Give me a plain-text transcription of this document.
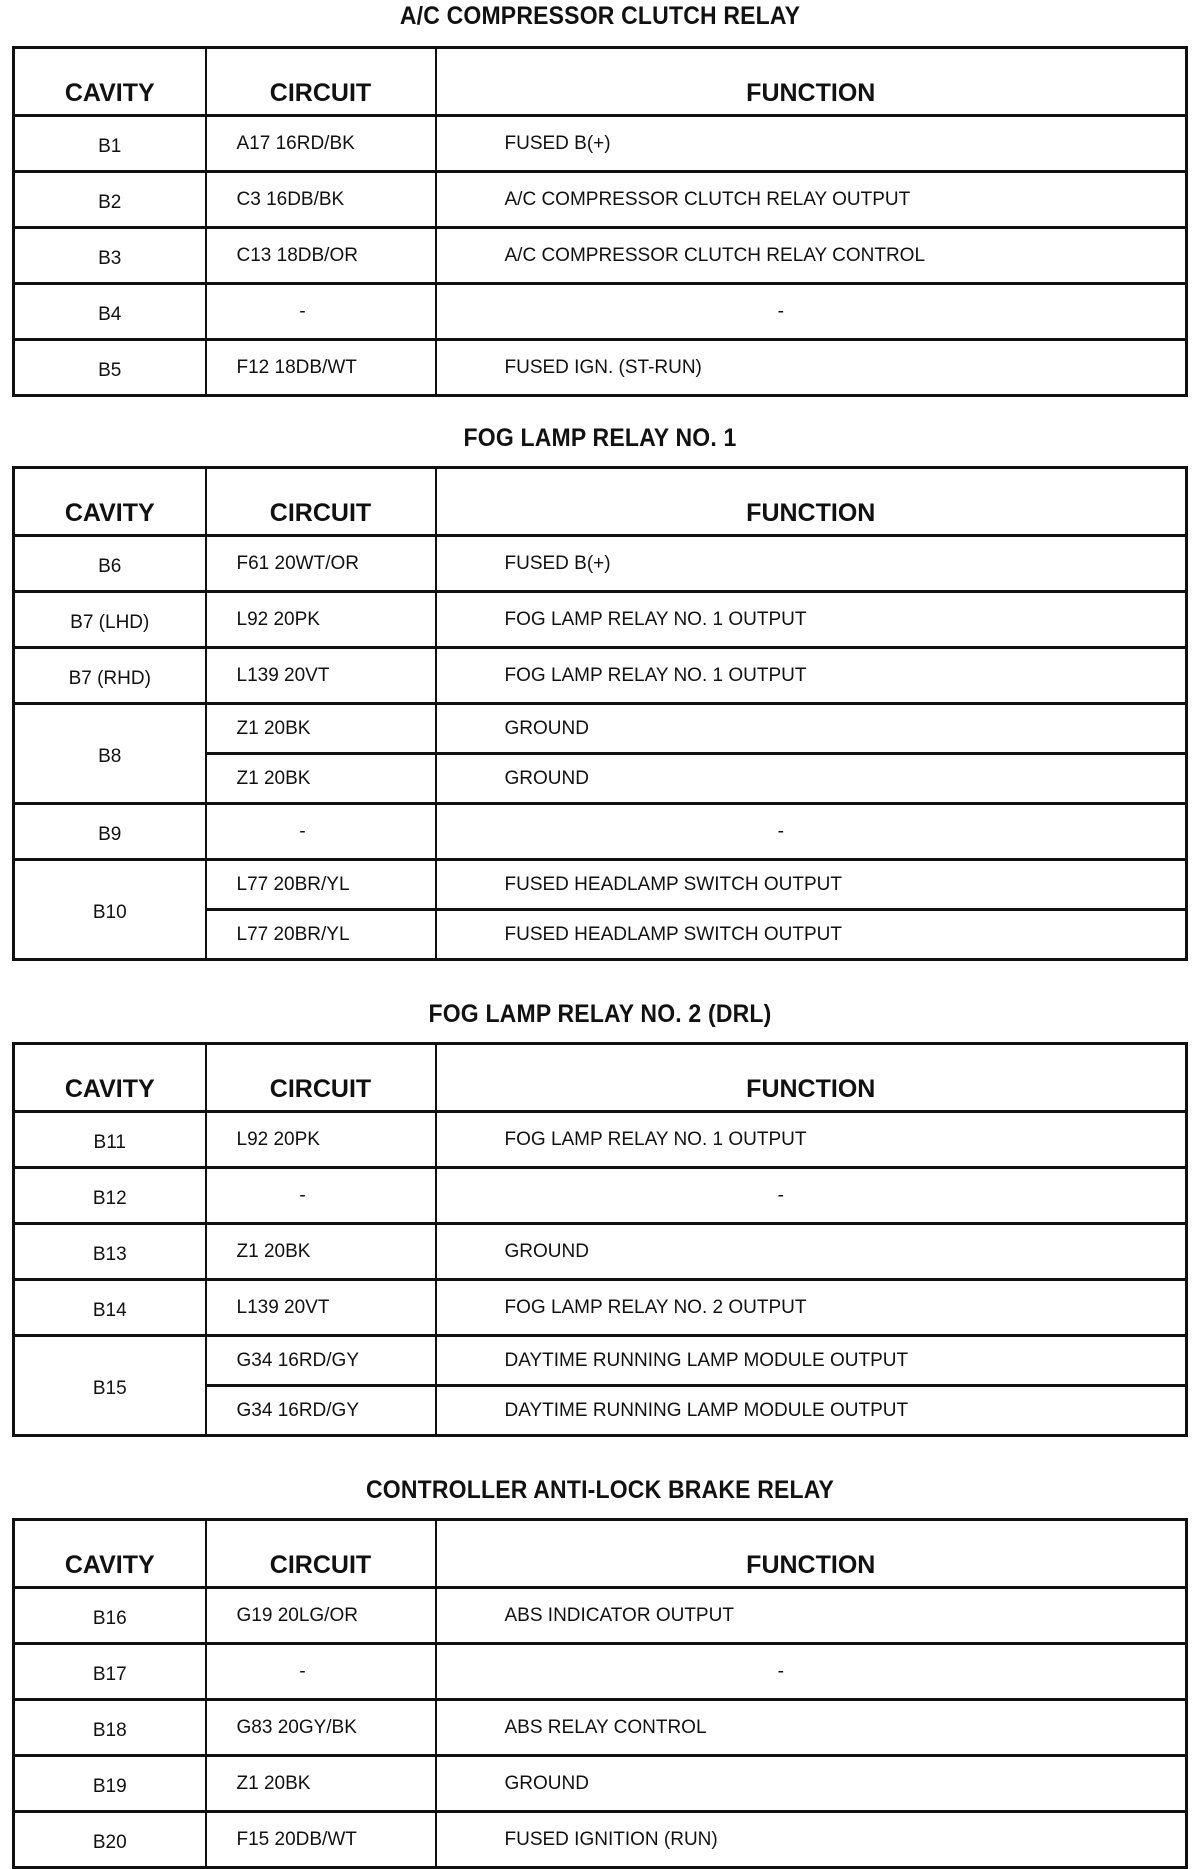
A/C COMPRESSOR CLUTCH RELAY
CAVITY	CIRCUIT	FUNCTION
B1	A17 16RD/BK	FUSED B(+)
B2	C3 16DB/BK	A/C COMPRESSOR CLUTCH RELAY OUTPUT
B3	C13 18DB/OR	A/C COMPRESSOR CLUTCH RELAY CONTROL
B4	-	-
B5	F12 18DB/WT	FUSED IGN. (ST-RUN)
FOG LAMP RELAY NO. 1
CAVITY	CIRCUIT	FUNCTION
B6	F61 20WT/OR	FUSED B(+)
B7 (LHD)	L92 20PK	FOG LAMP RELAY NO. 1 OUTPUT
B7 (RHD)	L139 20VT	FOG LAMP RELAY NO. 1 OUTPUT
B8	Z1 20BK	GROUND
	Z1 20BK	GROUND
B9	-	-
B10	L77 20BR/YL	FUSED HEADLAMP SWITCH OUTPUT
	L77 20BR/YL	FUSED HEADLAMP SWITCH OUTPUT
FOG LAMP RELAY NO. 2 (DRL)
CAVITY	CIRCUIT	FUNCTION
B11	L92 20PK	FOG LAMP RELAY NO. 1 OUTPUT
B12	-	-
B13	Z1 20BK	GROUND
B14	L139 20VT	FOG LAMP RELAY NO. 2 OUTPUT
B15	G34 16RD/GY	DAYTIME RUNNING LAMP MODULE OUTPUT
	G34 16RD/GY	DAYTIME RUNNING LAMP MODULE OUTPUT
CONTROLLER ANTI-LOCK BRAKE RELAY
CAVITY	CIRCUIT	FUNCTION
B16	G19 20LG/OR	ABS INDICATOR OUTPUT
B17	-	-
B18	G83 20GY/BK	ABS RELAY CONTROL
B19	Z1 20BK	GROUND
B20	F15 20DB/WT	FUSED IGNITION (RUN)
